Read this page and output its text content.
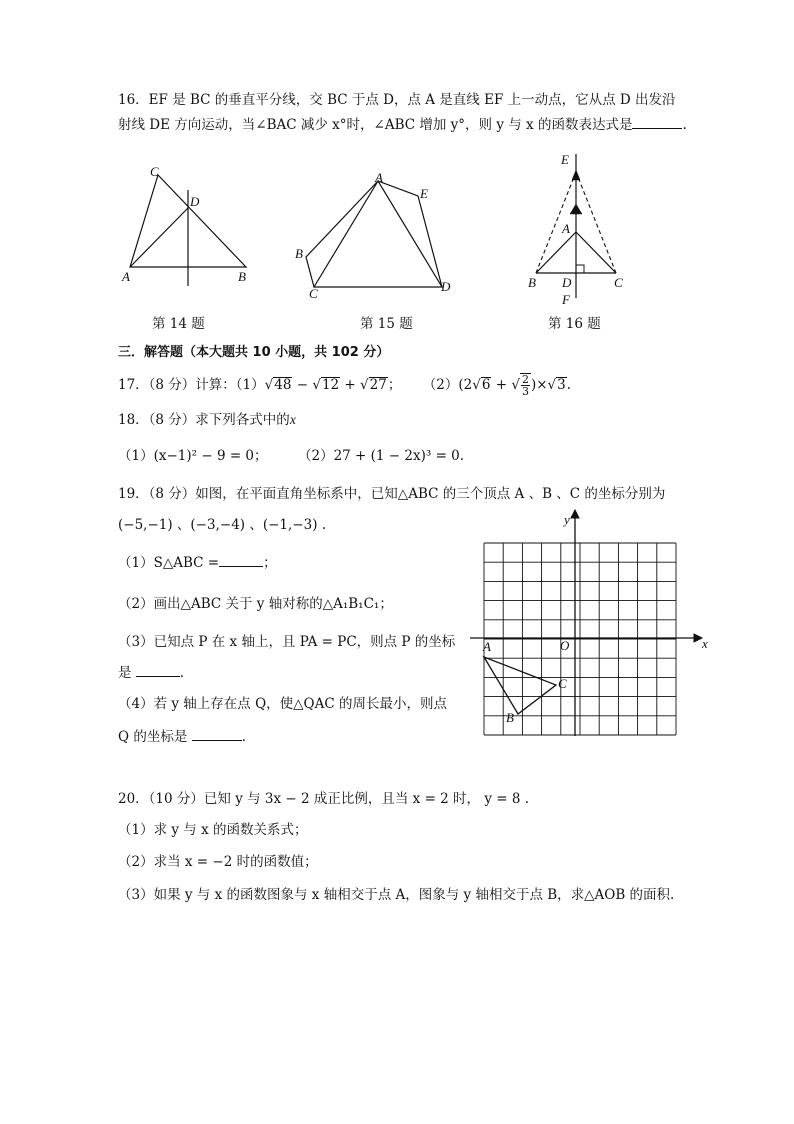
16．EF 是 BC 的垂直平分线，交 BC 于点 D，点 A 是直线 EF 上一动点，它从点 D 出发沿
射线 DE 方向运动，当∠BAC 减少 x°时，∠ABC 增加 y°，则 y 与 x 的函数表达式是	.
C
D
A	B
第 14 题
A
E
B
C	D
第 15 题
E
A
B D	C
F
第 16 题
三．解答题（本大题共 10 小题，共 102 分）
17．（8 分）计算：（1）√48 − √12 + √27；     （2）(2√6 + √ $\frac{2}{3} )\times√3$.
18．（8 分）求下列各式中的x
（1）(x−1)² − 9 = 0； （2）27 + (1 − 2x)³ = 0.
19．（8 分）如图，在平面直角坐标系中，已知△ABC 的三个顶点 A 、B 、C 的坐标分别为
(−5,−1) 、(−3,−4) 、(−1,−3) .
（1）S△ABC =	；
（2）画出△ABC 关于 y 轴对称的△A₁B₁C₁；
（3）已知点 P 在 x 轴上，且 PA = PC，则点 P 的坐标
是	.
（4）若 y 轴上存在点 Q，使△QAC 的周长最小，则点
Q 的坐标是	.
x
y
O
A
B
C
20．（10 分）已知 y 与 3x − 2 成正比例，且当 x = 2 时， y = 8 .
（1）求 y 与 x 的函数关系式；
（2）求当 x = −2 时的函数值；
（3）如果 y 与 x 的函数图象与 x 轴相交于点 A，图象与 y 轴相交于点 B，求△AOB 的面积.
